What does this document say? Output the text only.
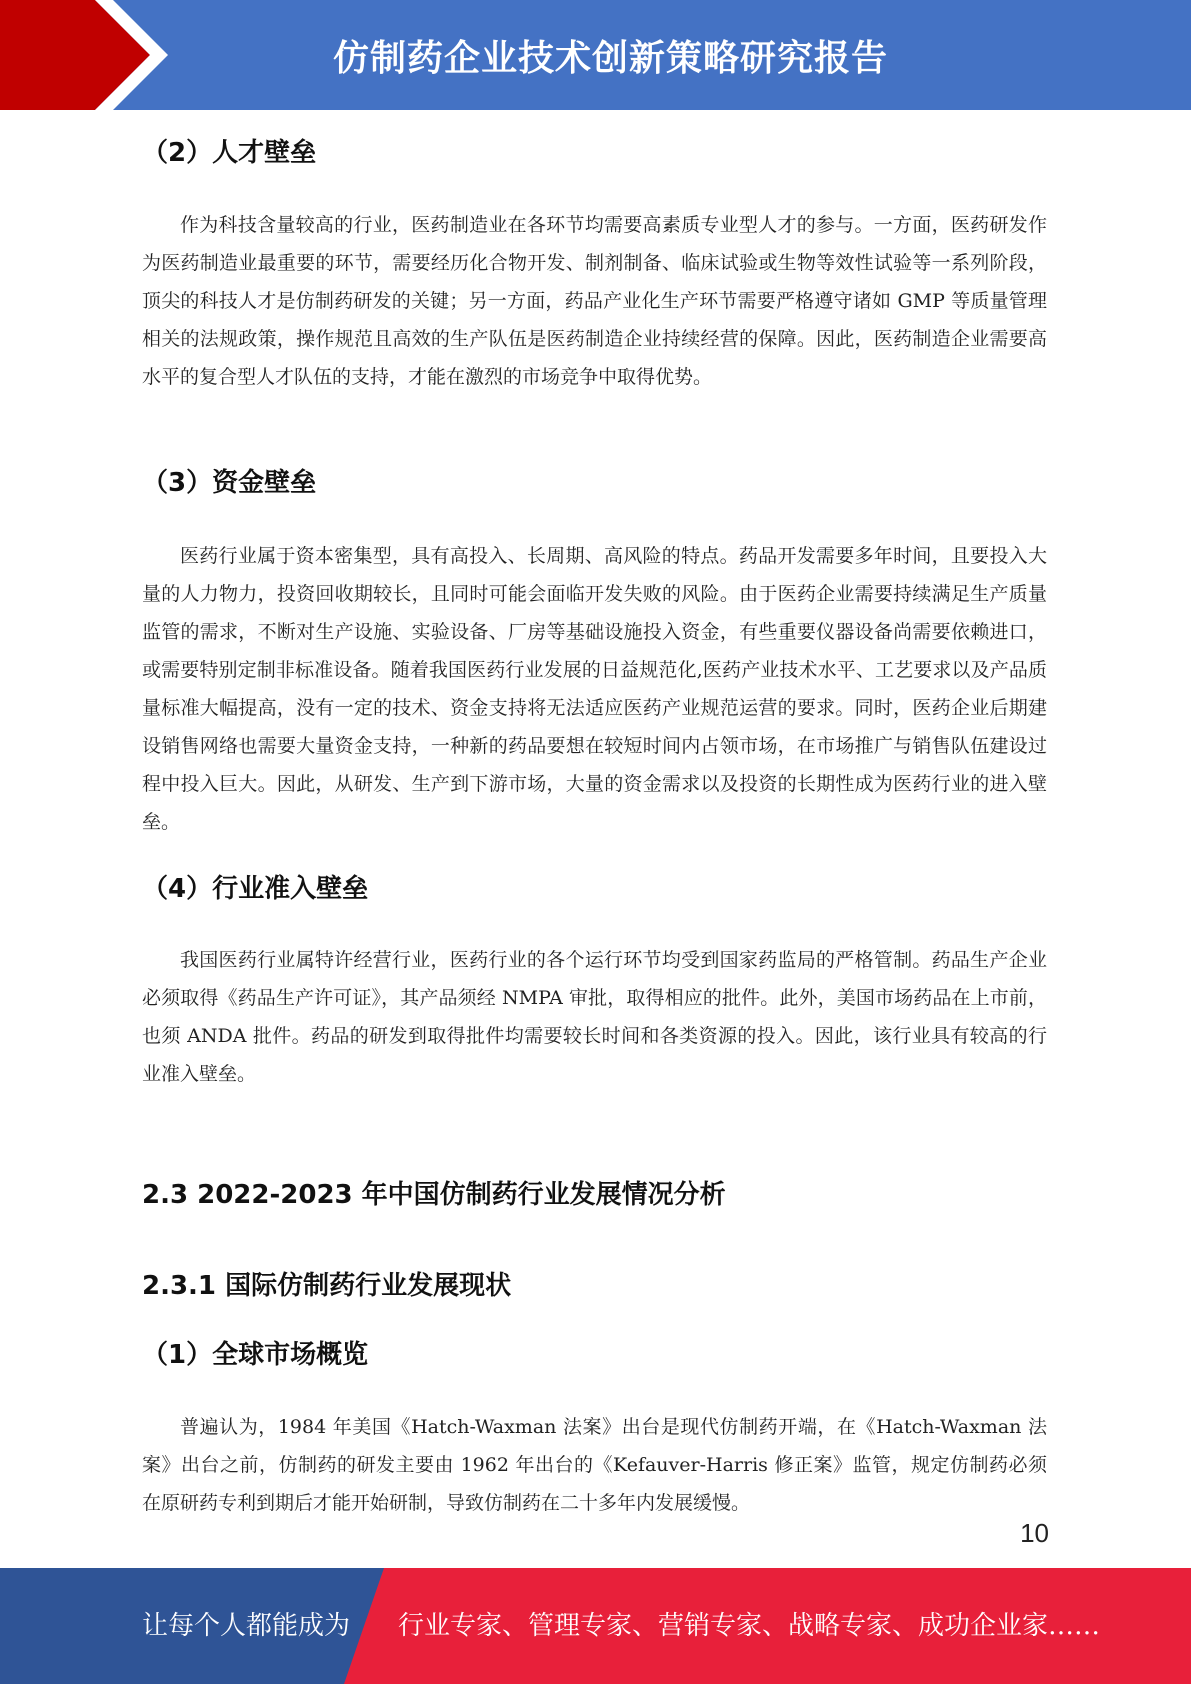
仿制药企业技术创新策略研究报告
（2）人才壁垒

作为科技含量较高的行业，医药制造业在各环节均需要高素质专业型人才的参与。一方面，医药研发作为医药制造业最重要的环节，需要经历化合物开发、制剂制备、临床试验或生物等效性试验等一系列阶段，顶尖的科技人才是仿制药研发的关键；另一方面，药品产业化生产环节需要严格遵守诸如 GMP 等质量管理相关的法规政策，操作规范且高效的生产队伍是医药制造企业持续经营的保障。因此，医药制造企业需要高水平的复合型人才队伍的支持，才能在激烈的市场竞争中取得优势。

（3）资金壁垒

医药行业属于资本密集型，具有高投入、长周期、高风险的特点。药品开发需要多年时间，且要投入大量的人力物力，投资回收期较长，且同时可能会面临开发失败的风险。由于医药企业需要持续满足生产质量监管的需求，不断对生产设施、实验设备、厂房等基础设施投入资金，有些重要仪器设备尚需要依赖进口，或需要特别定制非标准设备。随着我国医药行业发展的日益规范化,医药产业技术水平、工艺要求以及产品质量标准大幅提高，没有一定的技术、资金支持将无法适应医药产业规范运营的要求。同时，医药企业后期建设销售网络也需要大量资金支持，一种新的药品要想在较短时间内占领市场，在市场推广与销售队伍建设过程中投入巨大。因此，从研发、生产到下游市场，大量的资金需求以及投资的长期性成为医药行业的进入壁垒。

（4）行业准入壁垒

我国医药行业属特许经营行业，医药行业的各个运行环节均受到国家药监局的严格管制。药品生产企业必须取得《药品生产许可证》，其产品须经 NMPA 审批，取得相应的批件。此外，美国市场药品在上市前，也须 ANDA 批件。药品的研发到取得批件均需要较长时间和各类资源的投入。因此，该行业具有较高的行业准入壁垒。

2.3 2022-2023 年中国仿制药行业发展情况分析
2.3.1 国际仿制药行业发展现状
（1）全球市场概览

普遍认为，1984 年美国《Hatch-Waxman 法案》出台是现代仿制药开端，在《Hatch-Waxman 法案》出台之前，仿制药的研发主要由 1962 年出台的《Kefauver-Harris 修正案》监管，规定仿制药必须在原研药专利到期后才能开始研制，导致仿制药在二十多年内发展缓慢。

10
让每个人都能成为 行业专家、管理专家、营销专家、战略专家、成功企业家……
